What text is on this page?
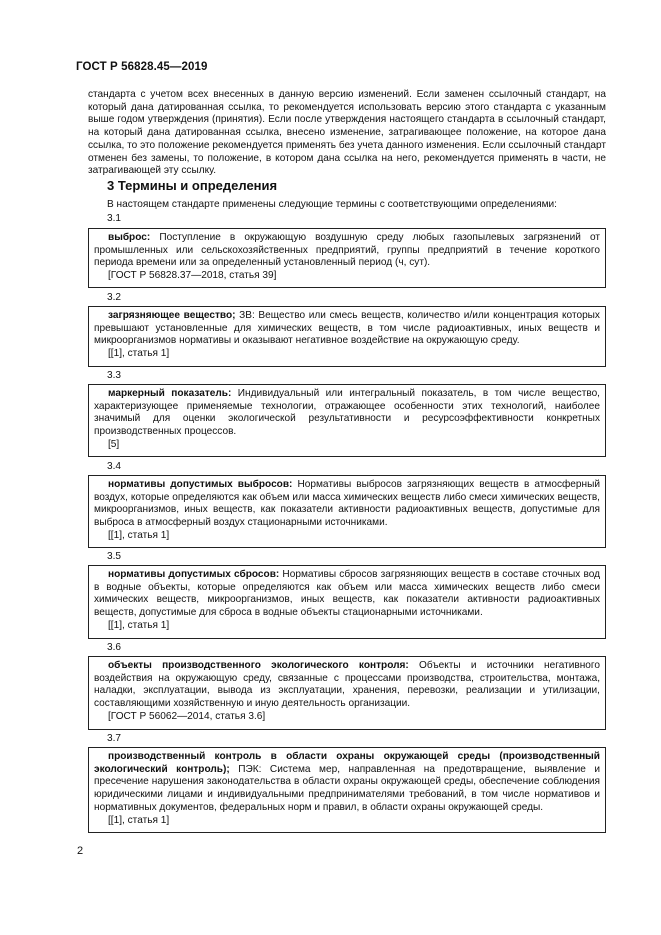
ГОСТ Р 56828.45—2019

стандарта с учетом всех внесенных в данную версию изменений. Если заменен ссылочный стандарт, на который дана датированная ссылка, то рекомендуется использовать версию этого стандарта с указанным выше годом утверждения (принятия). Если после утверждения настоящего стандарта в ссылочный стандарт, на который дана датированная ссылка, внесено изменение, затрагивающее положение, на которое дана ссылка, то это положение рекомендуется применять без учета данного изменения. Если ссылочный стандарт отменен без замены, то положение, в котором дана ссылка на него, рекомендуется применять в части, не затрагивающей эту ссылку.

3 Термины и определения
В настоящем стандарте применены следующие термины с соответствующими определениями:
3.1
выброс: Поступление в окружающую воздушную среду любых газопылевых загрязнений от промышленных или сельскохозяйственных предприятий, группы предприятий в течение короткого периода времени или за определенный установленный период (ч, сут).
[ГОСТ Р 56828.37—2018, статья 39]
3.2
загрязняющее вещество; ЗВ: Вещество или смесь веществ, количество и/или концентрация которых превышают установленные для химических веществ, в том числе радиоактивных, иных веществ и микроорганизмов нормативы и оказывают негативное воздействие на окружающую среду.
[[1], статья 1]
3.3
маркерный показатель: Индивидуальный или интегральный показатель, в том числе вещество, характеризующее применяемые технологии, отражающее особенности этих технологий, наиболее значимый для оценки экологической результативности и ресурсоэффективности конкретных производственных процессов.
[5]
3.4
нормативы допустимых выбросов: Нормативы выбросов загрязняющих веществ в атмосферный воздух, которые определяются как объем или масса химических веществ либо смеси химических веществ, микроорганизмов, иных веществ, как показатели активности радиоактивных веществ, допустимые для выброса в атмосферный воздух стационарными источниками.
[[1], статья 1]
3.5
нормативы допустимых сбросов: Нормативы сбросов загрязняющих веществ в составе сточных вод в водные объекты, которые определяются как объем или масса химических веществ либо смеси химических веществ, микроорганизмов, иных веществ, как показатели активности радиоактивных веществ, допустимые для сброса в водные объекты стационарными источниками.
[[1], статья 1]
3.6
объекты производственного экологического контроля: Объекты и источники негативного воздействия на окружающую среду, связанные с процессами производства, строительства, монтажа, наладки, эксплуатации, вывода из эксплуатации, хранения, перевозки, реализации и утилизации, составляющими хозяйственную и иную деятельность организации.
[ГОСТ Р 56062—2014, статья 3.6]
3.7
производственный контроль в области охраны окружающей среды (производственный экологический контроль); ПЭК: Система мер, направленная на предотвращение, выявление и пресечение нарушения законодательства в области охраны окружающей среды, обеспечение соблюдения юридическими лицами и индивидуальными предпринимателями требований, в том числе нормативов и нормативных документов, федеральных норм и правил, в области охраны окружающей среды.
[[1], статья 1]
2
